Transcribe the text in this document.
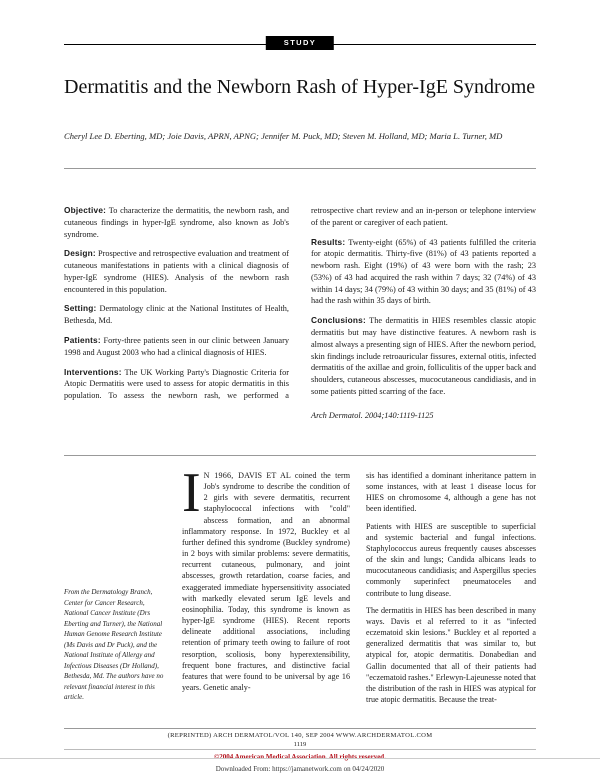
STUDY
Dermatitis and the Newborn Rash of Hyper-IgE Syndrome
Cheryl Lee D. Eberting, MD; Joie Davis, APRN, APNG; Jennifer M. Puck, MD; Steven M. Holland, MD; Maria L. Turner, MD

Objective: To characterize the dermatitis, the newborn rash, and cutaneous findings in hyper-IgE syndrome, also known as Job's syndrome.

Design: Prospective and retrospective evaluation and treatment of cutaneous manifestations in patients with a clinical diagnosis of hyper-IgE syndrome (HIES). Analysis of the newborn rash encountered in this population.

Setting: Dermatology clinic at the National Institutes of Health, Bethesda, Md.

Patients: Forty-three patients seen in our clinic between January 1998 and August 2003 who had a clinical diagnosis of HIES.

Interventions: The UK Working Party's Diagnostic Criteria for Atopic Dermatitis were used to assess for atopic dermatitis in this population. To assess the newborn rash, we performed a retrospective chart review and an in-person or telephone interview of the parent or caregiver of each patient.

Results: Twenty-eight (65%) of 43 patients fulfilled the criteria for atopic dermatitis. Thirty-five (81%) of 43 patients reported a newborn rash. Eight (19%) of 43 were born with the rash; 23 (53%) of 43 had acquired the rash within 7 days; 32 (74%) of 43 within 14 days; 34 (79%) of 43 within 30 days; and 35 (81%) of 43 had the rash within 35 days of birth.

Conclusions: The dermatitis in HIES resembles classic atopic dermatitis but may have distinctive features. A newborn rash is almost always a presenting sign of HIES. After the newborn period, skin findings include retroauricular fissures, external otitis, infected dermatitis of the axillae and groin, folliculitis of the upper back and shoulders, cutaneous abscesses, mucocutaneous candidiasis, and in some patients pitted scarring of the face.

Arch Dermatol. 2004;140:1119-1125
From the Dermatology Branch, Center for Cancer Research, National Cancer Institute (Drs Eberting and Turner), the National Human Genome Research Institute (Ms Davis and Dr Puck), and the National Institute of Allergy and Infectious Diseases (Dr Holland), Bethesda, Md. The authors have no relevant financial interest in this article.

I N 1966, DAVIS ET AL coined the term Job's syndrome to describe the condition of 2 girls with severe dermatitis, recurrent staphylococcal infections with "cold" abscess formation, and an abnormal inflammatory response. In 1972, Buckley et al further defined this syndrome (Buckley syndrome) in 2 boys with similar problems: severe dermatitis, recurrent cutaneous, pulmonary, and joint abscesses, growth retardation, coarse facies, and exaggerated immediate hypersensitivity associated with markedly elevated serum IgE levels and eosinophilia. Today, this syndrome is known as hyper-IgE syndrome (HIES). Recent reports delineate additional associations, including retention of primary teeth owing to failure of root resorption, scoliosis, bony hyperextensibility, frequent bone fractures, and distinctive facial features that were found to be universal by age 16 years. Genetic analy-

sis has identified a dominant inheritance pattern in some instances, with at least 1 disease locus for HIES on chromosome 4, although a gene has not been identified.

Patients with HIES are susceptible to superficial and systemic bacterial and fungal infections. Staphylococcus aureus frequently causes abscesses of the skin and lungs; Candida albicans leads to mucocutaneous candidiasis; and Aspergillus species commonly superinfect pneumatoceles and contribute to lung disease.

The dermatitis in HIES has been described in many ways. Davis et al referred to it as "infected eczematoid skin lesions." Buckley et al reported a generalized dermatitis that was similar to, but atypical for, atopic dermatitis. Donabedian and Gallin documented that all of their patients had "eczematoid rashes." Erlewyn-Lajeunesse noted that the distribution of the rash in HIES was atypical for true atopic dermatitis. Because the treat-

(REPRINTED) ARCH DERMATOL/VOL 140, SEP 2004 WWW.ARCHDERMATOL.COM
1119
©2004 American Medical Association. All rights reserved.
Downloaded From: https://jamanetwork.com on 04/24/2020
